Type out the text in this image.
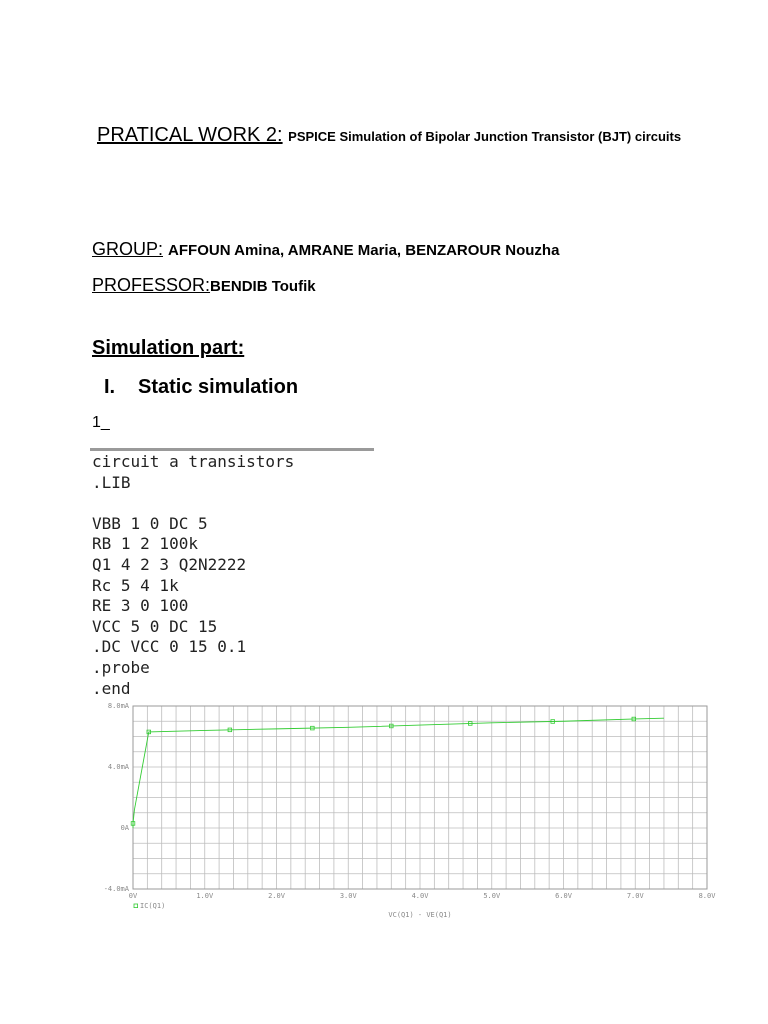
PRATICAL WORK 2: PSPICE Simulation of Bipolar Junction Transistor (BJT) circuits
GROUP: AFFOUN Amina, AMRANE Maria, BENZAROUR Nouzha
PROFESSOR:BENDIB Toufik
Simulation part:
I. Static simulation
1_
circuit a transistors
.LIB
VBB 1 0 DC 5
RB 1 2 100k
Q1 4 2 3 Q2N2222
Rc 5 4 1k
RE 3 0 100
VCC 5 0 DC 15
.DC VCC 0 15 0.1
.probe
.end
8.0mA
4.0mA
0A
-4.0mA
0V	1.0V	2.0V	3.0V	4.0V	5.0V	6.0V	7.0V	8.0V
IC(Q1)
VC(Q1) - VE(Q1)
